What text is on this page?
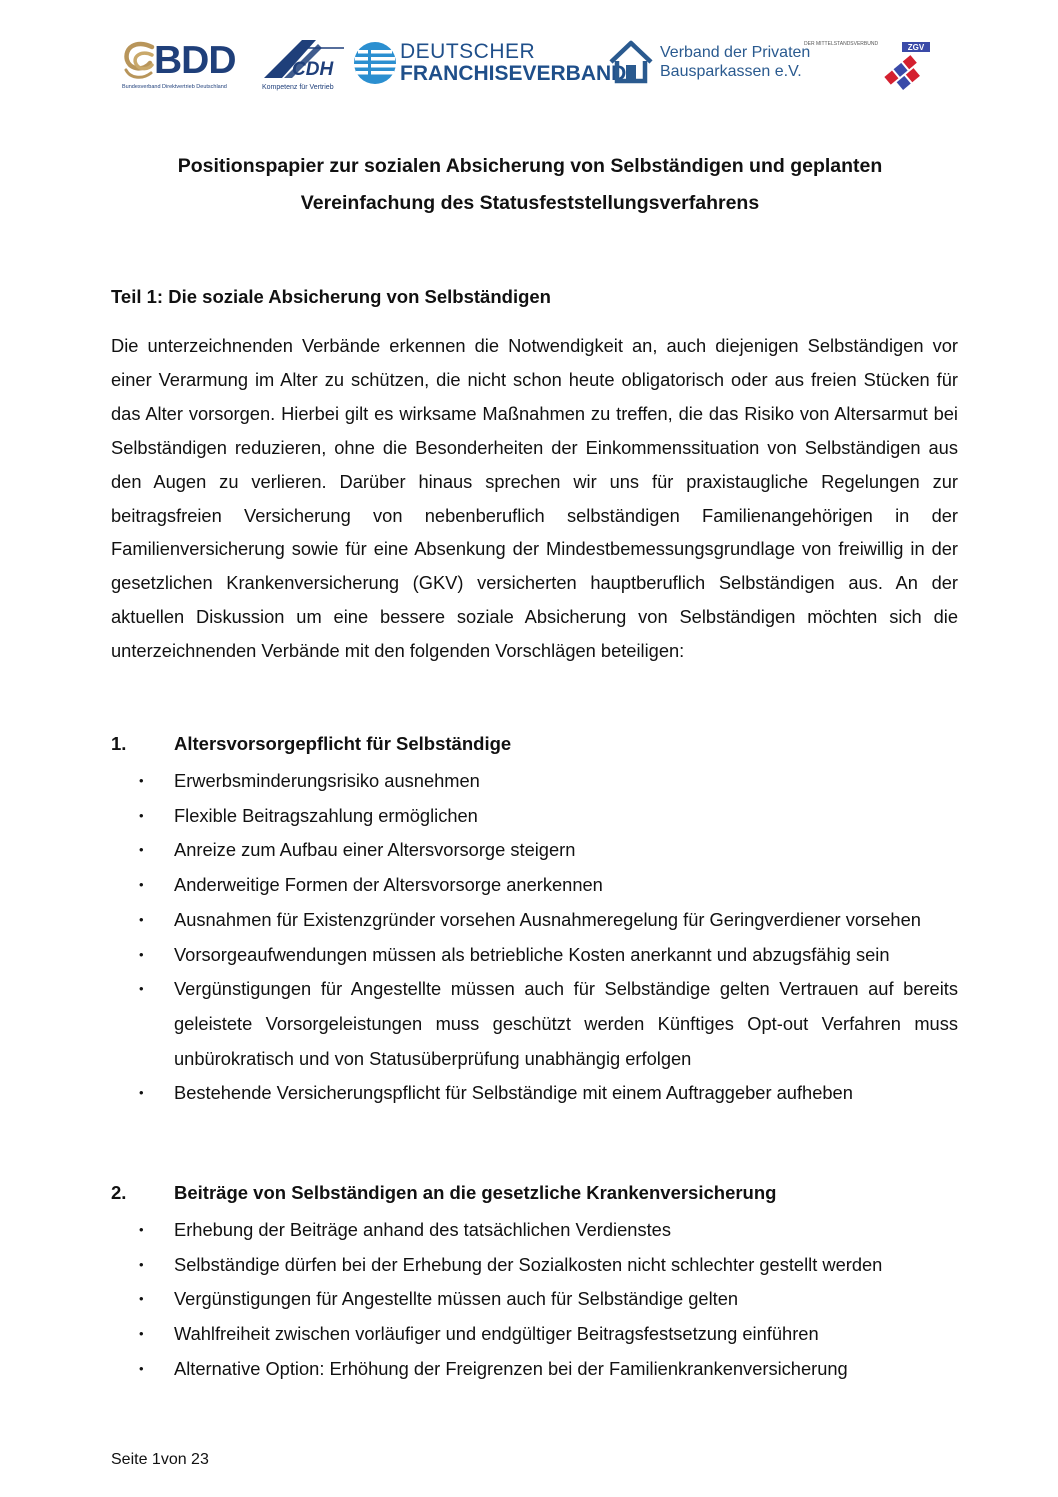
BDD
Bundesverband Direktvertrieb Deutschland
CDH
Kompetenz für Vertrieb
DEUTSCHER
FRANCHISEVERBAND
Verband der Privaten
Bausparkassen e.V.
DER MITTELSTANDSVERBUND	ZGV
Positionspapier zur sozialen Absicherung von Selbständigen und geplanten Vereinfachung des Statusfeststellungsverfahrens
Teil 1: Die soziale Absicherung von Selbständigen

Die unterzeichnenden Verbände erkennen die Notwendigkeit an, auch diejenigen Selbständigen vor einer Verarmung im Alter zu schützen, die nicht schon heute obligatorisch oder aus freien Stücken für das Alter vorsorgen. Hierbei gilt es wirksame Maßnahmen zu treffen, die das Risiko von Altersarmut bei Selbständigen reduzieren, ohne die Besonderheiten der Einkommenssituation von Selbständigen aus den Augen zu verlieren. Darüber hinaus sprechen wir uns für praxistaugliche Regelungen zur beitragsfreien Versicherung von nebenberuflich selbständigen Familienangehörigen in der Familienversicherung sowie für eine Absenkung der Mindestbemessungsgrundlage von freiwillig in der gesetzlichen Krankenversicherung (GKV) versicherten hauptberuflich Selbständigen aus. An der aktuellen Diskussion um eine bessere soziale Absicherung von Selbständigen möchten sich die unterzeichnenden Verbände mit den folgenden Vorschlägen beteiligen:

1.	Altersvorsorgepflicht für Selbständige
• Erwerbsminderungsrisiko ausnehmen
• Flexible Beitragszahlung ermöglichen
• Anreize zum Aufbau einer Altersvorsorge steigern
• Anderweitige Formen der Altersvorsorge anerkennen
• Ausnahmen für Existenzgründer vorsehen Ausnahmeregelung für Geringverdiener vorsehen
• Vorsorgeaufwendungen müssen als betriebliche Kosten anerkannt und abzugsfähig sein
• Vergünstigungen für Angestellte müssen auch für Selbständige gelten Vertrauen auf bereits geleistete Vorsorgeleistungen muss geschützt werden Künftiges Opt-out Verfahren muss unbürokratisch und von Statusüberprüfung unabhängig erfolgen
• Bestehende Versicherungspflicht für Selbständige mit einem Auftraggeber aufheben
2.	Beiträge von Selbständigen an die gesetzliche Krankenversicherung
• Erhebung der Beiträge anhand des tatsächlichen Verdienstes
• Selbständige dürfen bei der Erhebung der Sozialkosten nicht schlechter gestellt werden
• Vergünstigungen für Angestellte müssen auch für Selbständige gelten
• Wahlfreiheit zwischen vorläufiger und endgültiger Beitragsfestsetzung einführen
• Alternative Option: Erhöhung der Freigrenzen bei der Familienkrankenversicherung

Seite 1von 23
